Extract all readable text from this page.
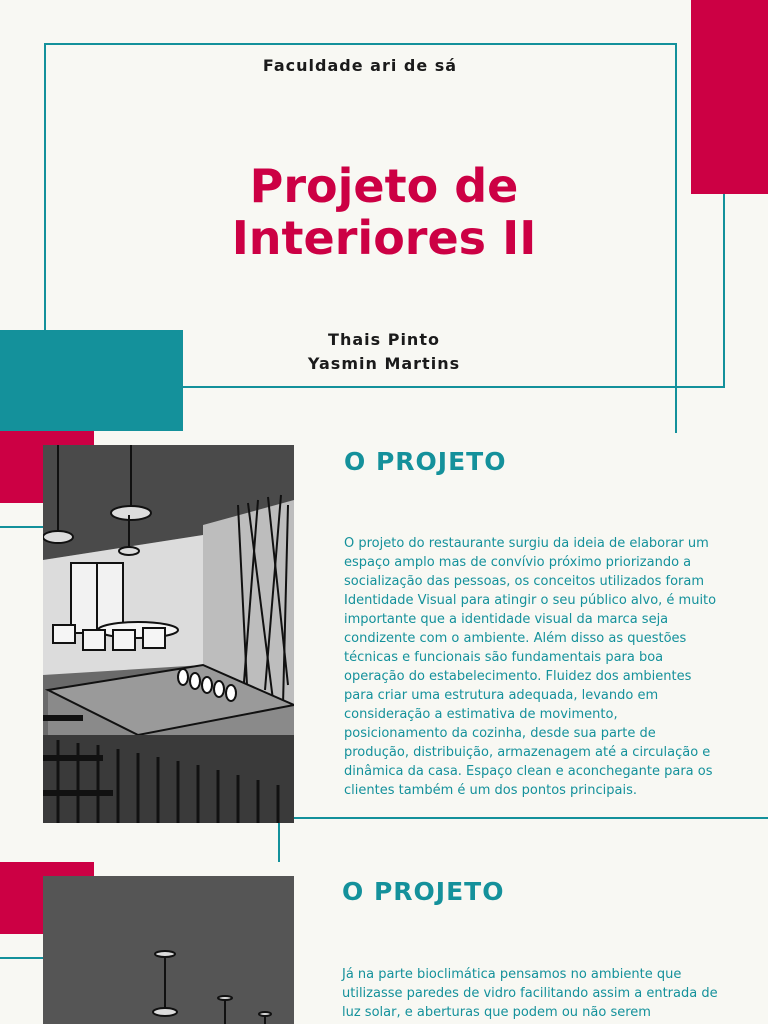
Faculdade ari de sá
Projeto de
Interiores II
Thais Pinto
Yasmin Martins
O PROJETO
O projeto do restaurante surgiu da ideia de elaborar um espaço amplo mas de convívio próximo priorizando a socialização das pessoas, os conceitos utilizados foram Identidade Visual para atingir o seu público alvo, é muito importante que a identidade visual da marca seja condizente com o ambiente. Além disso as questões técnicas e funcionais são fundamentais para boa operação do estabelecimento. Fluidez dos ambientes para criar uma estrutura adequada, levando em consideração a estimativa de movimento, posicionamento da cozinha, desde sua parte de produção, distribuição, armazenagem até a circulação e dinâmica da casa. Espaço clean e aconchegante para os clientes também é um dos pontos principais.
O PROJETO
Já na parte bioclimática pensamos no ambiente que utilizasse paredes de vidro facilitando assim a entrada de luz solar, e aberturas que podem ou não serem
